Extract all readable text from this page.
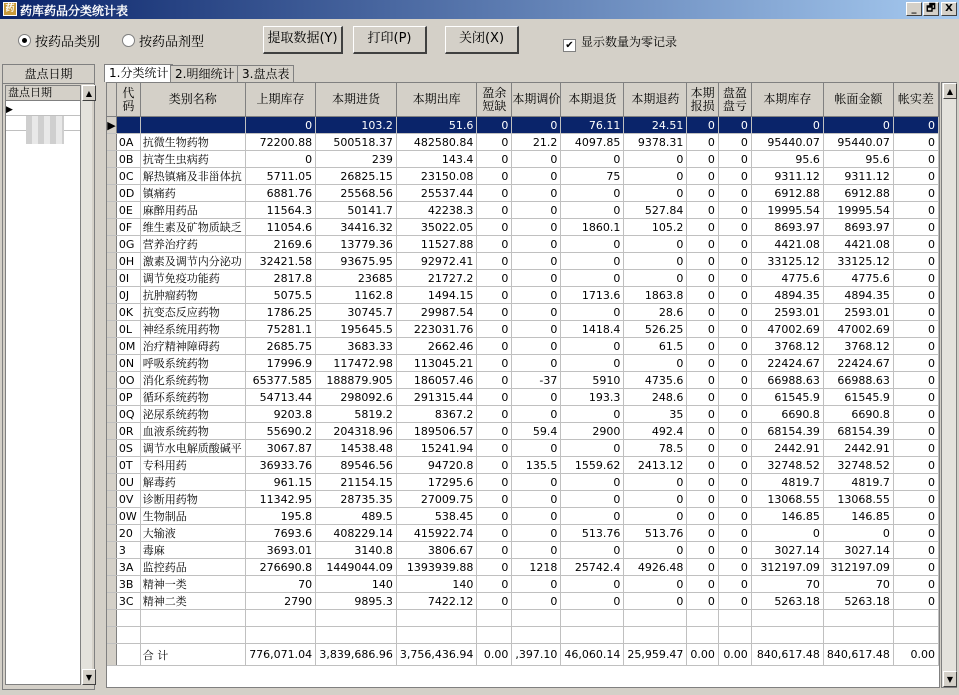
药 药库药品分类统计表	_ 🗗 X
按药品类别	按药品剂型	提取数据(Y)	打印(P)	关闭(X)	✔ 显示数量为零记录
盘点日期
盘点日期
▶
▲
▼
1.分类统计 2.明细统计 3.盘点表
	代码	类别名称	上期库存	本期进货	本期出库	盈余短缺	本期调价	本期退货	本期退药	本期报损	盘盈盘亏	本期库存	帐面金额	帐实差
▶			0	103.2	51.6	0	0	76.11	24.51	0	0	0	0	0
	0A	抗微生物药物	72200.88	500518.37	482580.84	0	21.2	4097.85	9378.31	0	0	95440.07	95440.07	0
	0B	抗寄生虫病药	0	239	143.4	0	0	0	0	0	0	95.6	95.6	0
	0C	解热镇痛及非甾体抗	5711.05	26825.15	23150.08	0	0	75	0	0	0	9311.12	9311.12	0
	0D	镇痛药	6881.76	25568.56	25537.44	0	0	0	0	0	0	6912.88	6912.88	0
	0E	麻醉用药品	11564.3	50141.7	42238.3	0	0	0	527.84	0	0	19995.54	19995.54	0
	0F	维生素及矿物质缺乏	11054.6	34416.32	35022.05	0	0	1860.1	105.2	0	0	8693.97	8693.97	0
	0G	营养治疗药	2169.6	13779.36	11527.88	0	0	0	0	0	0	4421.08	4421.08	0
	0H	激素及调节内分泌功	32421.58	93675.95	92972.41	0	0	0	0	0	0	33125.12	33125.12	0
	0I	调节免疫功能药	2817.8	23685	21727.2	0	0	0	0	0	0	4775.6	4775.6	0
	0J	抗肿瘤药物	5075.5	1162.8	1494.15	0	0	1713.6	1863.8	0	0	4894.35	4894.35	0
	0K	抗变态反应药物	1786.25	30745.7	29987.54	0	0	0	28.6	0	0	2593.01	2593.01	0
	0L	神经系统用药物	75281.1	195645.5	223031.76	0	0	1418.4	526.25	0	0	47002.69	47002.69	0
	0M	治疗精神障碍药	2685.75	3683.33	2662.46	0	0	0	61.5	0	0	3768.12	3768.12	0
	0N	呼吸系统药物	17996.9	117472.98	113045.21	0	0	0	0	0	0	22424.67	22424.67	0
	0O	消化系统药物	65377.585	188879.905	186057.46	0	-37	5910	4735.6	0	0	66988.63	66988.63	0
	0P	循环系统药物	54713.44	298092.6	291315.44	0	0	193.3	248.6	0	0	61545.9	61545.9	0
	0Q	泌尿系统药物	9203.8	5819.2	8367.2	0	0	0	35	0	0	6690.8	6690.8	0
	0R	血液系统药物	55690.2	204318.96	189506.57	0	59.4	2900	492.4	0	0	68154.39	68154.39	0
	0S	调节水电解质酸碱平	3067.87	14538.48	15241.94	0	0	0	78.5	0	0	2442.91	2442.91	0
	0T	专科用药	36933.76	89546.56	94720.8	0	135.5	1559.62	2413.12	0	0	32748.52	32748.52	0
	0U	解毒药	961.15	21154.15	17295.6	0	0	0	0	0	0	4819.7	4819.7	0
	0V	诊断用药物	11342.95	28735.35	27009.75	0	0	0	0	0	0	13068.55	13068.55	0
	0W	生物制品	195.8	489.5	538.45	0	0	0	0	0	0	146.85	146.85	0
	20	大输液	7693.6	408229.14	415922.74	0	0	513.76	513.76	0	0	0	0	0
	3	毒麻	3693.01	3140.8	3806.67	0	0	0	0	0	0	3027.14	3027.14	0
	3A	监控药品	276690.8	1449044.09	1393939.88	0	1218	25742.4	4926.48	0	0	312197.09	312197.09	0
	3B	精神一类	70	140	140	0	0	0	0	0	0	70	70	0
	3C	精神二类	2790	9895.3	7422.12	0	0	0	0	0	0	5263.18	5263.18	0

		合 计	776,071.04	3,839,686.96	3,756,436.94	0.00	,397.10	46,060.14	25,959.47	0.00	0.00	840,617.48	840,617.48	0.00
▲
▼
